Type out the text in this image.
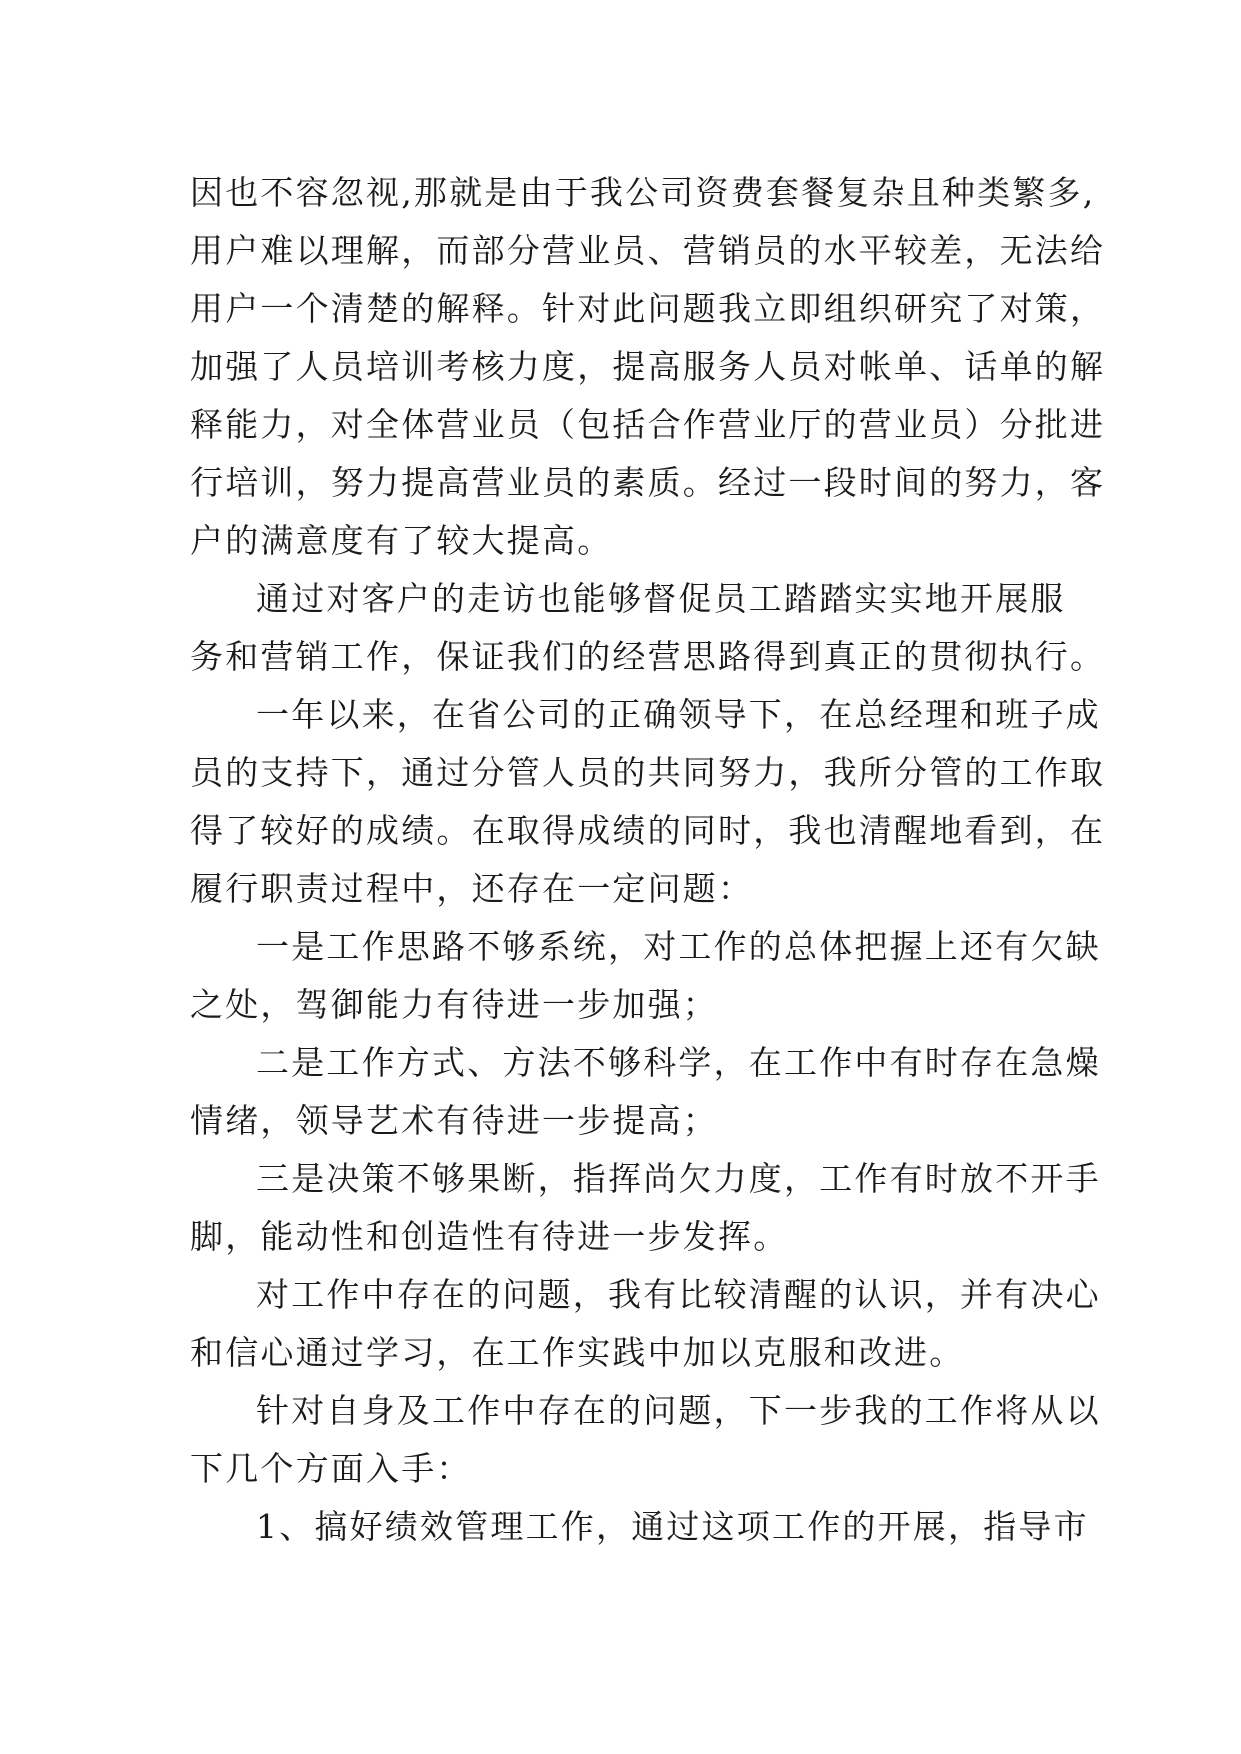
因也不容忽视,那就是由于我公司资费套餐复杂且种类繁多,
用户难以理解，而部分营业员、营销员的水平较差，无法给
用户一个清楚的解释。针对此问题我立即组织研究了对策，
加强了人员培训考核力度，提高服务人员对帐单、话单的解
释能力，对全体营业员（包括合作营业厅的营业员）分批进
行培训，努力提高营业员的素质。经过一段时间的努力，客
户的满意度有了较大提高。
通过对客户的走访也能够督促员工踏踏实实地开展服
务和营销工作，保证我们的经营思路得到真正的贯彻执行。
一年以来，在省公司的正确领导下，在总经理和班子成
员的支持下，通过分管人员的共同努力，我所分管的工作取
得了较好的成绩。在取得成绩的同时，我也清醒地看到，在
履行职责过程中，还存在一定问题：
一是工作思路不够系统，对工作的总体把握上还有欠缺
之处，驾御能力有待进一步加强；
二是工作方式、方法不够科学，在工作中有时存在急燥
情绪，领导艺术有待进一步提高；
三是决策不够果断，指挥尚欠力度，工作有时放不开手
脚，能动性和创造性有待进一步发挥。
对工作中存在的问题，我有比较清醒的认识，并有决心
和信心通过学习，在工作实践中加以克服和改进。
针对自身及工作中存在的问题，下一步我的工作将从以
下几个方面入手：
1、搞好绩效管理工作，通过这项工作的开展，指导市
